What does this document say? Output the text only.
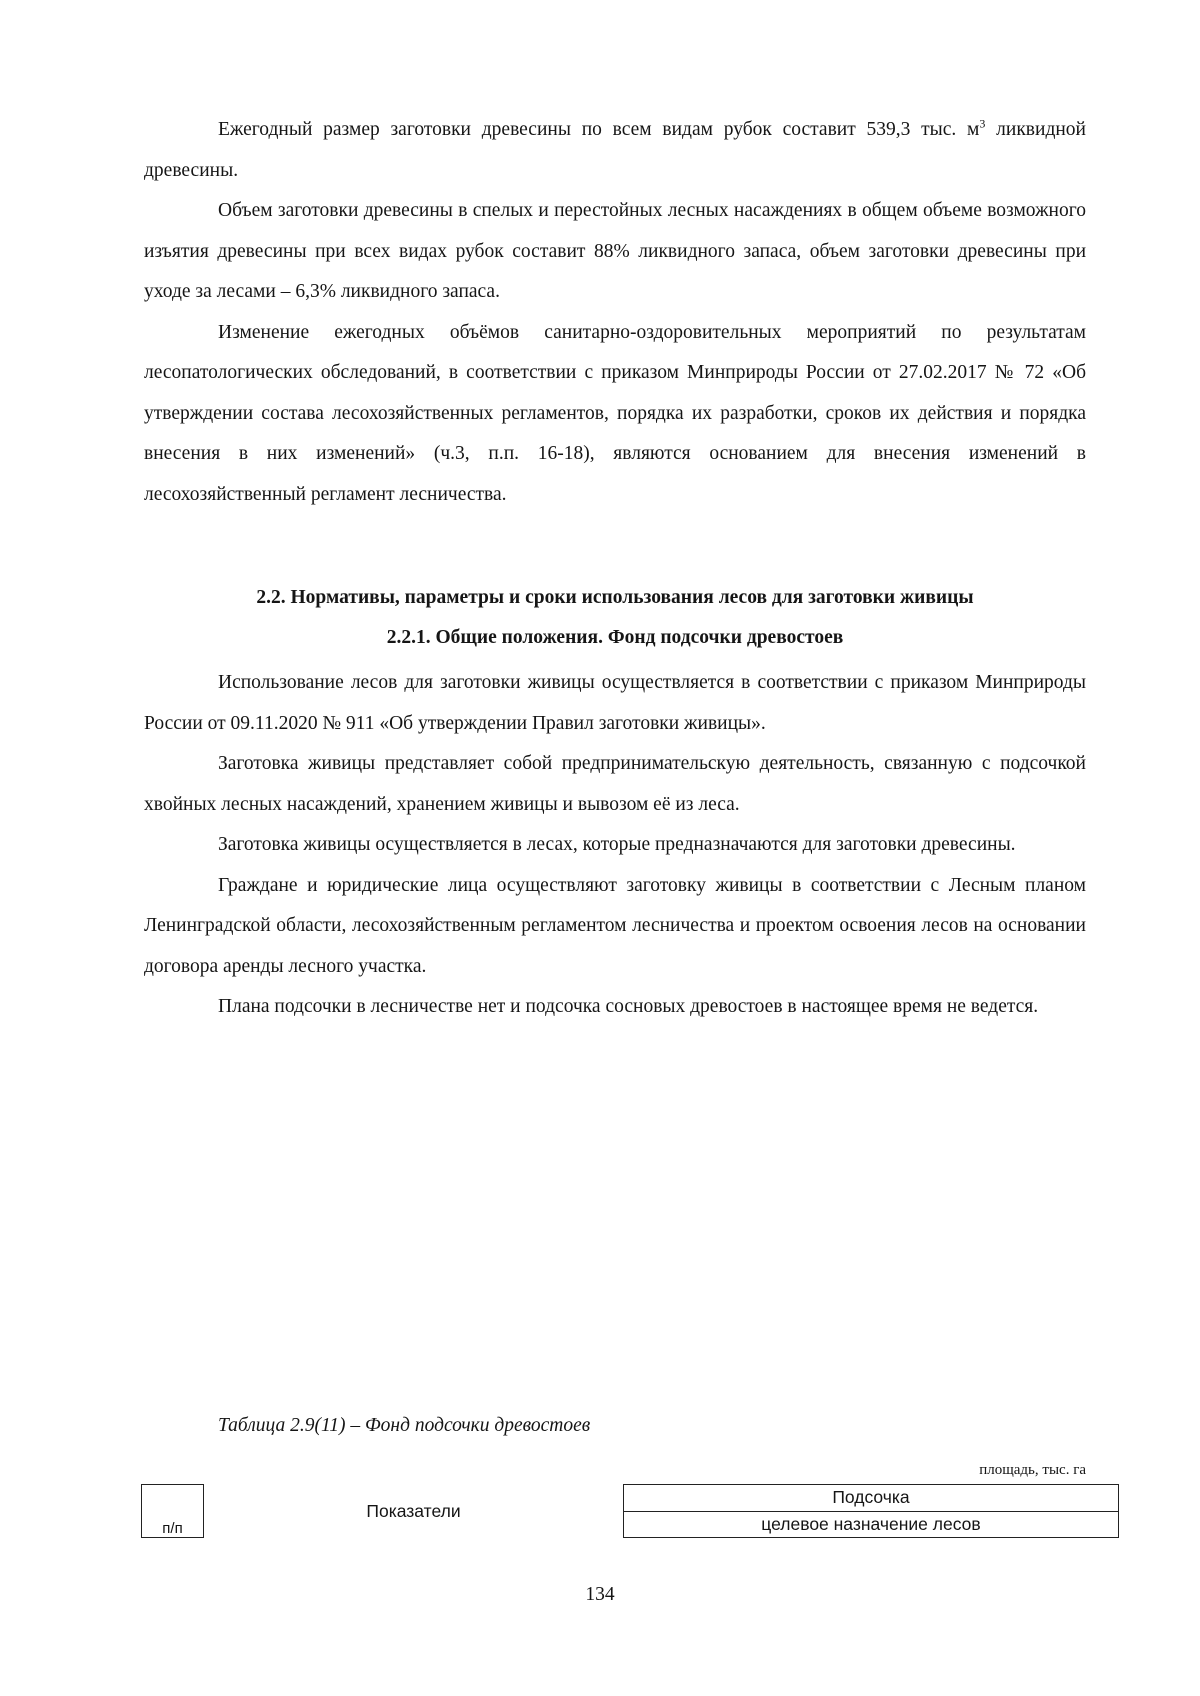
Ежегодный размер заготовки древесины по всем видам рубок составит 539,3 тыс. $м^3$ ликвидной древесины.

Объем заготовки древесины в спелых и перестойных лесных насаждениях в общем объеме возможного изъятия древесины при всех видах рубок составит 88% ликвидного запаса, объем заготовки древесины при уходе за лесами – 6,3% ликвидного запаса.

Изменение ежегодных объёмов санитарно-оздоровительных мероприятий по результатам лесопатологических обследований, в соответствии с приказом Минприроды России от 27.02.2017 № 72 «Об утверждении состава лесохозяйственных регламентов, порядка их разработки, сроков их действия и порядка внесения в них изменений» (ч.3, п.п. 16-18), являются основанием для внесения изменений в лесохозяйственный регламент лесничества.

2.2. Нормативы, параметры и сроки использования лесов для заготовки живицы

2.2.1. Общие положения. Фонд подсочки древостоев

Использование лесов для заготовки живицы осуществляется в соответствии с приказом Минприроды России от 09.11.2020 № 911 «Об утверждении Правил заготовки живицы».

Заготовка живицы представляет собой предпринимательскую деятельность, связанную с подсочкой хвойных лесных насаждений, хранением живицы и вывозом её из леса.

Заготовка живицы осуществляется в лесах, которые предназначаются для заготовки древесины.

Граждане и юридические лица осуществляют заготовку живицы в соответствии с Лесным планом Ленинградской области, лесохозяйственным регламентом лесничества и проектом освоения лесов на основании договора аренды лесного участка.

Плана подсочки в лесничестве нет и подсочка сосновых древостоев в настоящее время не ведется.

Таблица 2.9(11) – Фонд подсочки древостоев

площадь, тыс. га

п/п	Показатели	Подсочка	
целевое назначение лесов

134
